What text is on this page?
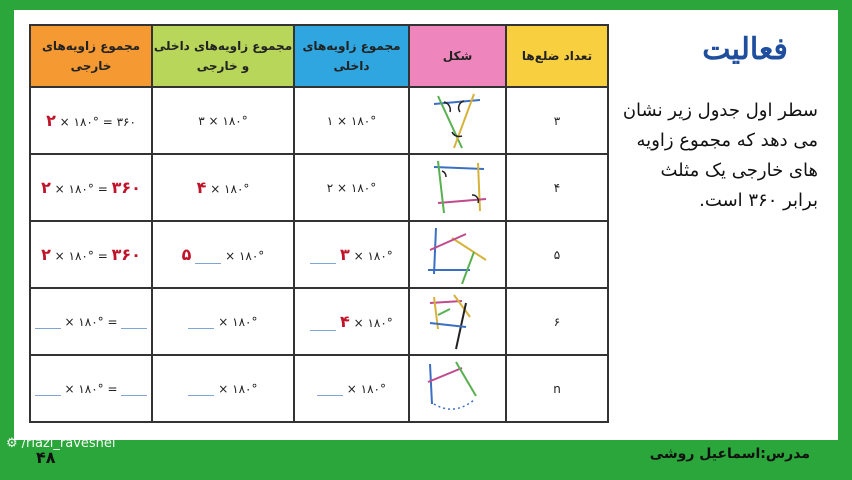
فعالیت
سطر اول جدول زیر نشان می دهد که مجموع زاویه های خارجی یک مثلث برابر ۳۶۰ است.
مجموع زاویه‌های خارجی	مجموع زاویه‌های داخلی و خارجی	مجموع زاویه‌های داخلی	شکل	تعداد ضلع‌ها
۲ × ۱۸۰° = ۳۶۰	۳ × ۱۸۰°	۱ × ۱۸۰°		۳
۲ × ۱۸۰° = ۳۶۰	۴ × ۱۸۰°	۲ × ۱۸۰°		۴
۲ × ۱۸۰° = ۳۶۰	۵ × ۱۸۰°	۳ × ۱۸۰°		۵
× ۱۸۰° =	× ۱۸۰°	۴ × ۱۸۰°		۶
× ۱۸۰° =	× ۱۸۰°	× ۱۸۰°		n
⚙ /riazi_raveshei
۴۸	مدرس:اسماعیل روشی
